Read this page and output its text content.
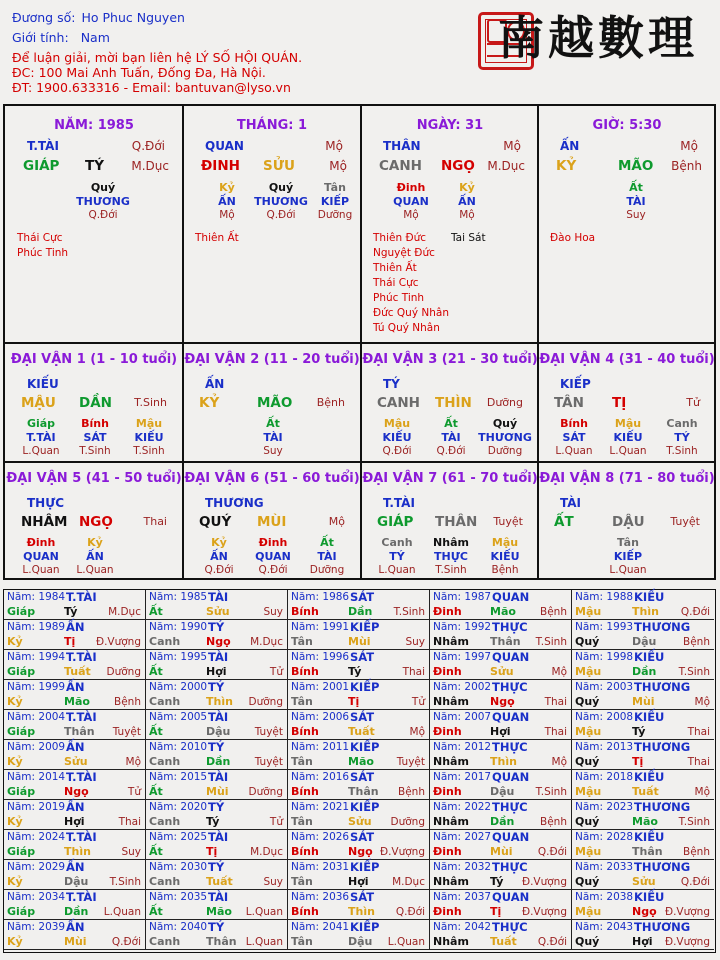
Đương số: Ho Phuc Nguyen
Giới tính: Nam
Để luận giải, mời bạn liên hệ LÝ SỐ HỘI QUÁN.
ĐC: 100 Mai Anh Tuấn, Đống Đa, Hà Nội.
ĐT: 1900.633316 - Email: bantuvan@lyso.vn
南越數理
NĂM: 1985
T.TÀI	Q.Đới
GIÁP TÝ M.Dục
Quý
THƯƠNG
Q.Đới
Thái Cực
Phúc Tinh
THÁNG: 1
QUAN	Mộ
ĐINH SỬU	Mộ
Kỷ
ẤN
Mộ
Quý
THƯƠNG
Q.Đới
Tân
KIẾP
Dưỡng
Thiên Ất
NGÀY: 31
THÂN	Mộ
CANH NGỌ M.Dục
Đinh
QUAN
Mộ
Kỷ
ẤN
Mộ
Thiên Đức
Nguyệt Đức
Thiên Ất
Thái Cực
Phúc Tinh
Đức Quý Nhân
Tú Quý Nhân
Tai Sát
GIỜ: 5:30
ẤN	Mộ
KỶ	MÃO Bệnh
Ất
TÀI
Suy
Đào Hoa
ĐẠI VẬN 1 (1 - 10 tuổi)
KIẾU
MẬU DẦN T.Sinh
Giáp
T.TÀI
L.Quan
Bính
SÁT
T.Sinh
Mậu
KIẾU
T.Sinh
ĐẠI VẬN 2 (11 - 20 tuổi)
ẤN
KỶ	MÃO Bệnh
Ất
TÀI
Suy
ĐẠI VẬN 3 (21 - 30 tuổi)
TÝ
CANH THÌN Dưỡng
Mậu
KIẾU
Q.Đới
Ất
TÀI
Q.Đới
Quý
THƯƠNG
Dưỡng
ĐẠI VẬN 4 (31 - 40 tuổi)
KIẾP
TÂN TỊ	Tử
Bính
SÁT
L.Quan
Mậu
KIẾU
L.Quan
Canh
TÝ
T.Sinh
ĐẠI VẬN 5 (41 - 50 tuổi)
THỰC
NHÂM NGỌ	Thai
Đinh
QUAN
L.Quan
Kỷ
ẤN
L.Quan
ĐẠI VẬN 6 (51 - 60 tuổi)
THƯƠNG
QUÝ MÙI	Mộ
Kỷ
ẤN
Q.Đới
Đinh
QUAN
Q.Đới
Ất
TÀI
Dưỡng
ĐẠI VẬN 7 (61 - 70 tuổi)
T.TÀI
GIÁP THÂN Tuyệt
Canh
TÝ
L.Quan
Nhâm
THỰC
T.Sinh
Mậu
KIẾU
Bệnh
ĐẠI VẬN 8 (71 - 80 tuổi)
TÀI
ẤT	DẬU Tuyệt
Tân
KIẾP
L.Quan
Năm: 1984 T.TÀI
Giáp	Tý	M.Dục
Năm: 1985 TÀI
Ất	Sửu	Suy
Năm: 1986 SÁT
Bính	Dần T.Sinh
Năm: 1987 QUAN
Đinh	Mão Bệnh
Năm: 1988 KIẾU
Mậu	Thìn Q.Đới
Năm: 1989 ẤN
Kỷ	Tị Đ.Vượng
Năm: 1990 TÝ
Canh Ngọ M.Dục
Năm: 1991 KIẾP
Tân	Mùi	Suy
Năm: 1992 THỰC
Nhâm Thân T.Sinh
Năm: 1993 THƯƠNG
Quý	Dậu	Bệnh
Năm: 1994 T.TÀI
Giáp	Tuất Dưỡng
Năm: 1995 TÀI
Ất	Hợi	Tử
Năm: 1996 SÁT
Bính	Tý	Thai
Năm: 1997 QUAN
Đinh	Sửu	Mộ
Năm: 1998 KIẾU
Mậu	Dần T.Sinh
Năm: 1999 ẤN
Kỷ	Mão Bệnh
Năm: 2000 TÝ
Canh Thìn Dưỡng
Năm: 2001 KIẾP
Tân	Tị	Tử
Năm: 2002 THỰC
Nhâm Ngọ	Thai
Năm: 2003 THƯƠNG
Quý	Mùi	Mộ
Năm: 2004 T.TÀI
Giáp	Thân Tuyệt
Năm: 2005 TÀI
Ất	Dậu Tuyệt
Năm: 2006 SÁT
Bính	Tuất	Mộ
Năm: 2007 QUAN
Đinh	Hợi	Thai
Năm: 2008 KIẾU
Mậu	Tý	Thai
Năm: 2009 ẤN
Kỷ	Sửu	Mộ
Năm: 2010 TÝ
Canh Dần Tuyệt
Năm: 2011 KIẾP
Tân	Mão Tuyệt
Năm: 2012 THỰC
Nhâm Thìn	Mộ
Năm: 2013 THƯƠNG
Quý	Tị	Thai
Năm: 2014 T.TÀI
Giáp	Ngọ	Tử
Năm: 2015 TÀI
Ất	Mùi Dưỡng
Năm: 2016 SÁT
Bính	Thân Bệnh
Năm: 2017 QUAN
Đinh	Dậu T.Sinh
Năm: 2018 KIẾU
Mậu	Tuất	Mộ
Năm: 2019 ẤN
Kỷ	Hợi	Thai
Năm: 2020 TÝ
Canh Tý	Tử
Năm: 2021 KIẾP
Tân	Sửu Dưỡng
Năm: 2022 THỰC
Nhâm Dần Bệnh
Năm: 2023 THƯƠNG
Quý	Mão T.Sinh
Năm: 2024 T.TÀI
Giáp	Thìn	Suy
Năm: 2025 TÀI
Ất	Tị	M.Dục
Năm: 2026 SÁT
Bính	Ngọ Đ.Vượng
Năm: 2027 QUAN
Đinh	Mùi Q.Đới
Năm: 2028 KIẾU
Mậu	Thân Bệnh
Năm: 2029 ẤN
Kỷ	Dậu T.Sinh
Năm: 2030 TÝ
Canh Tuất	Suy
Năm: 2031 KIẾP
Tân	Hợi M.Dục
Năm: 2032 THỰC
Nhâm Tý Đ.Vượng
Năm: 2033 THƯƠNG
Quý	Sửu Q.Đới
Năm: 2034 T.TÀI
Giáp	Dần L.Quan
Năm: 2035 TÀI
Ất	Mão L.Quan
Năm: 2036 SÁT
Bính	Thìn Q.Đới
Năm: 2037 QUAN
Đinh	Tị Đ.Vượng
Năm: 2038 KIẾU
Mậu	Ngọ Đ.Vượng
Năm: 2039 ẤN
Kỷ	Mùi Q.Đới
Năm: 2040 TÝ
Canh Thân L.Quan
Năm: 2041 KIẾP
Tân	Dậu L.Quan
Năm: 2042 THỰC
Nhâm Tuất Q.Đới
Năm: 2043 THƯƠNG
Quý	Hợi Đ.Vượng
